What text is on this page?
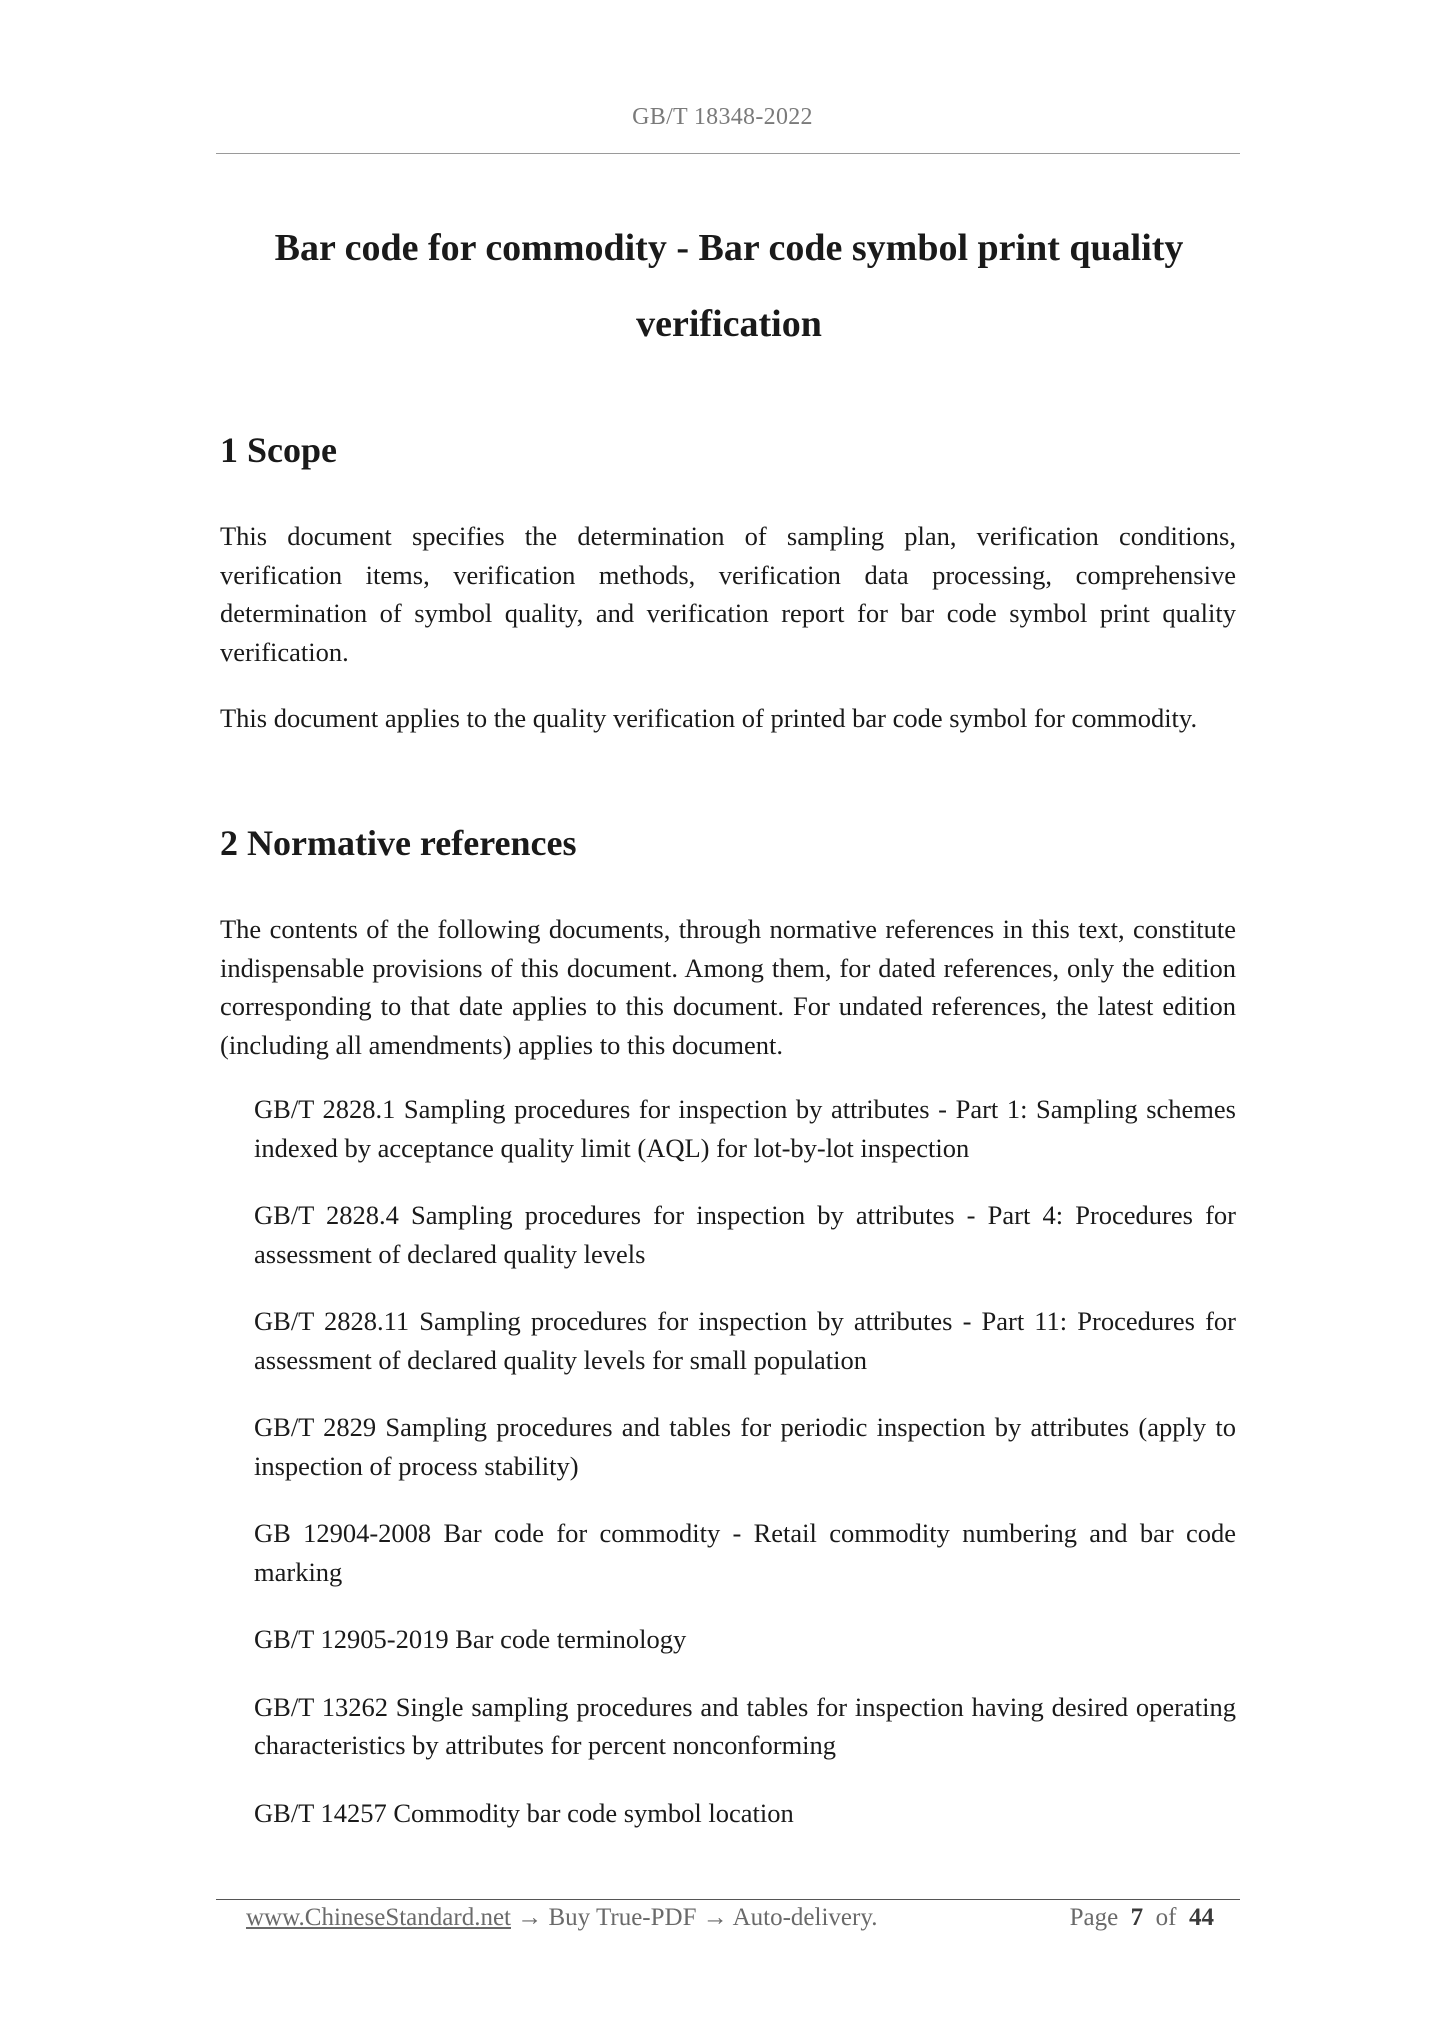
GB/T 18348-2022
Bar code for commodity - Bar code symbol print quality
verification
1 Scope

This document specifies the determination of sampling plan, verification conditions, verification items, verification methods, verification data processing, comprehensive determination of symbol quality, and verification report for bar code symbol print quality verification.

This document applies to the quality verification of printed bar code symbol for commodity.

2 Normative references

The contents of the following documents, through normative references in this text, constitute indispensable provisions of this document. Among them, for dated references, only the edition corresponding to that date applies to this document. For undated references, the latest edition (including all amendments) applies to this document.

GB/T 2828.1 Sampling procedures for inspection by attributes - Part 1: Sampling schemes indexed by acceptance quality limit (AQL) for lot-by-lot inspection
GB/T 2828.4 Sampling procedures for inspection by attributes - Part 4: Procedures for assessment of declared quality levels
GB/T 2828.11 Sampling procedures for inspection by attributes - Part 11: Procedures for assessment of declared quality levels for small population
GB/T 2829 Sampling procedures and tables for periodic inspection by attributes (apply to inspection of process stability)
GB 12904-2008 Bar code for commodity - Retail commodity numbering and bar code marking
GB/T 12905-2019 Bar code terminology
GB/T 13262 Single sampling procedures and tables for inspection having desired operating characteristics by attributes for percent nonconforming
GB/T 14257 Commodity bar code symbol location
www.ChineseStandard.net → Buy True-PDF → Auto-delivery.	Page 7 of 44
